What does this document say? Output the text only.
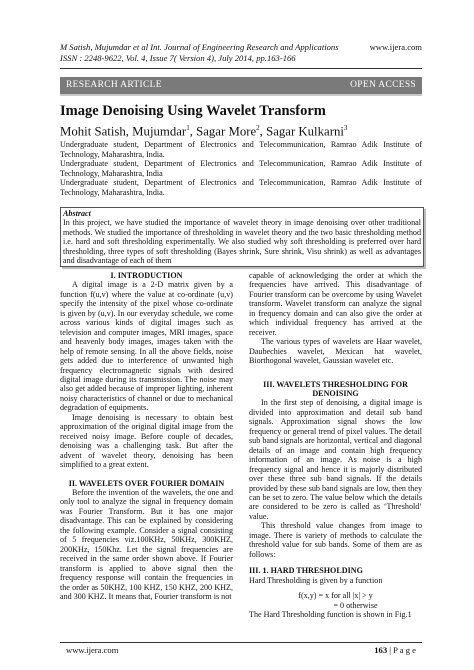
M Satish, Mujumdar et al Int. Journal of Engineering Research and Applications	www.ijera.com
ISSN : 2248-9622, Vol. 4, Issue 7( Version 4), July 2014, pp.163-166
RESEARCH ARTICLE	OPEN ACCESS
Image Denoising Using Wavelet Transform
Mohit Satish, Mujumdar$^1$, Sagar More$^2$, Sagar Kulkarni$^3$
Undergraduate student, Department of Electronics and Telecommunication, Ramrao Adik Institute of Technology, Maharashtra, India.
Undergraduate student, Department of Electronics and Telecommunication, Ramrao Adik Institute of Technology, Maharashtra, India
Undergraduate student, Department of Electronics and Telecommunication, Ramrao Adik Institute of Technology, Maharashtra, India.
Abstract
In this project, we have studied the importance of wavelet theory in image denoising over other traditional methods. We studied the importance of thresholding in wavelet theory and the two basic thresholding method i.e. hard and soft thresholding experimentally. We also studied why soft thresholding is preferred over hard thresholding, three types of soft thresholding (Bayes shrink, Sure shrink, Visu shrink) as well as advantages and disadvantage of each of them
I. INTRODUCTION

A digital image is a 2-D matrix given by a function f(u,v) where the value at co-ordinate (u,v) specify the intensity of the pixel whose co-ordinate is given by (u,v). In our everyday schedule, we come across various kinds of digital images such as television and computer images, MRI images, space and heavenly body images, images taken with the help of remote sensing. In all the above fields, noise gets added due to interference of unwanted high frequency electromagnetic signals with desired digital image during its transmission. The noise may also get added because of improper lighting, inherent noisy characteristics of channel or due to mechanical degradation of equipments.

Image denoising is necessary to obtain best approximation of the original digital image from the received noisy image. Before couple of decades, denoising was a challenging task. But after the advent of wavelet theory, denoising has been simplified to a great extent.

II. WAVELETS OVER FOURIER DOMAIN

Before the invention of the wavelets, the one and only tool to analyze the signal in frequency domain was Fourier Transform. But it has one major disadvantage. This can be explained by considering the following example. Consider a signal consisting of 5 frequencies viz.100KHz, 50KHz, 300KHZ, 200KHz, 150Khz. Let the signal frequencies are received in the same order shown above. If Fourier transform is applied to above signal then the frequency response will contain the frequencies in the order as 50KHZ, 100 KHZ, 150 KHZ, 200 KHZ, and 300 KHZ. It means that, Fourier transform is not

capable of acknowledging the order at which the frequencies have arrived. This disadvantage of Fourier transform can be overcome by using Wavelet transform. Wavelet transform can analyze the signal in frequency domain and can also give the order at which individual frequency has arrived at the receiver.

The various types of wavelets are Haar wavelet, Daubechies wavelet, Mexican hat wavelet, Biorthogonal wavelet, Gaussian wavelet etc.

III. WAVELETS THRESHOLDING FOR DENOISING

In the first step of denoising, a digital image is divided into approximation and detail sub band signals. Approximation signal shows the low frequency or general trend of pixel values. The detail sub band signals are horizontal, vertical and diagonal details of an image and contain high frequency information of an image. As noise is a high frequency signal and hence it is majorly distributed over these three sub band signals. If the details provided by these sub band signals are low, then they can be set to zero. The value below which the details are considered to be zero is called as ‘Threshold’ value.

This threshold value changes from image to image. There is variety of methods to calculate the threshold value for sub bands. Some of them are as follows:

III. 1. HARD THRESHOLDING

Hard Thresholding is given by a function

f(x,y) = x for all |x| > y
= 0 otherwise

The Hard Thresholding function is shown in Fig.1

www.ijera.com	163 | P a g e
